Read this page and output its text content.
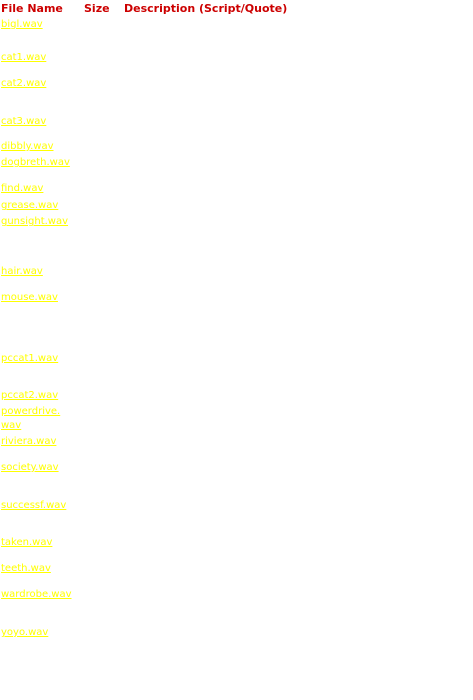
File Name Size Description (Script/Quote)
bigl.wav
cat1.wav
cat2.wav
cat3.wav
dibbly.wav
dogbreth.wav
find.wav
grease.wav
gunsight.wav
hair.wav
mouse.wav
pccat1.wav
pccat2.wav
powerdrive.wav
riviera.wav
society.wav
successf.wav
taken.wav
teeth.wav
wardrobe.wav
yoyo.wav
